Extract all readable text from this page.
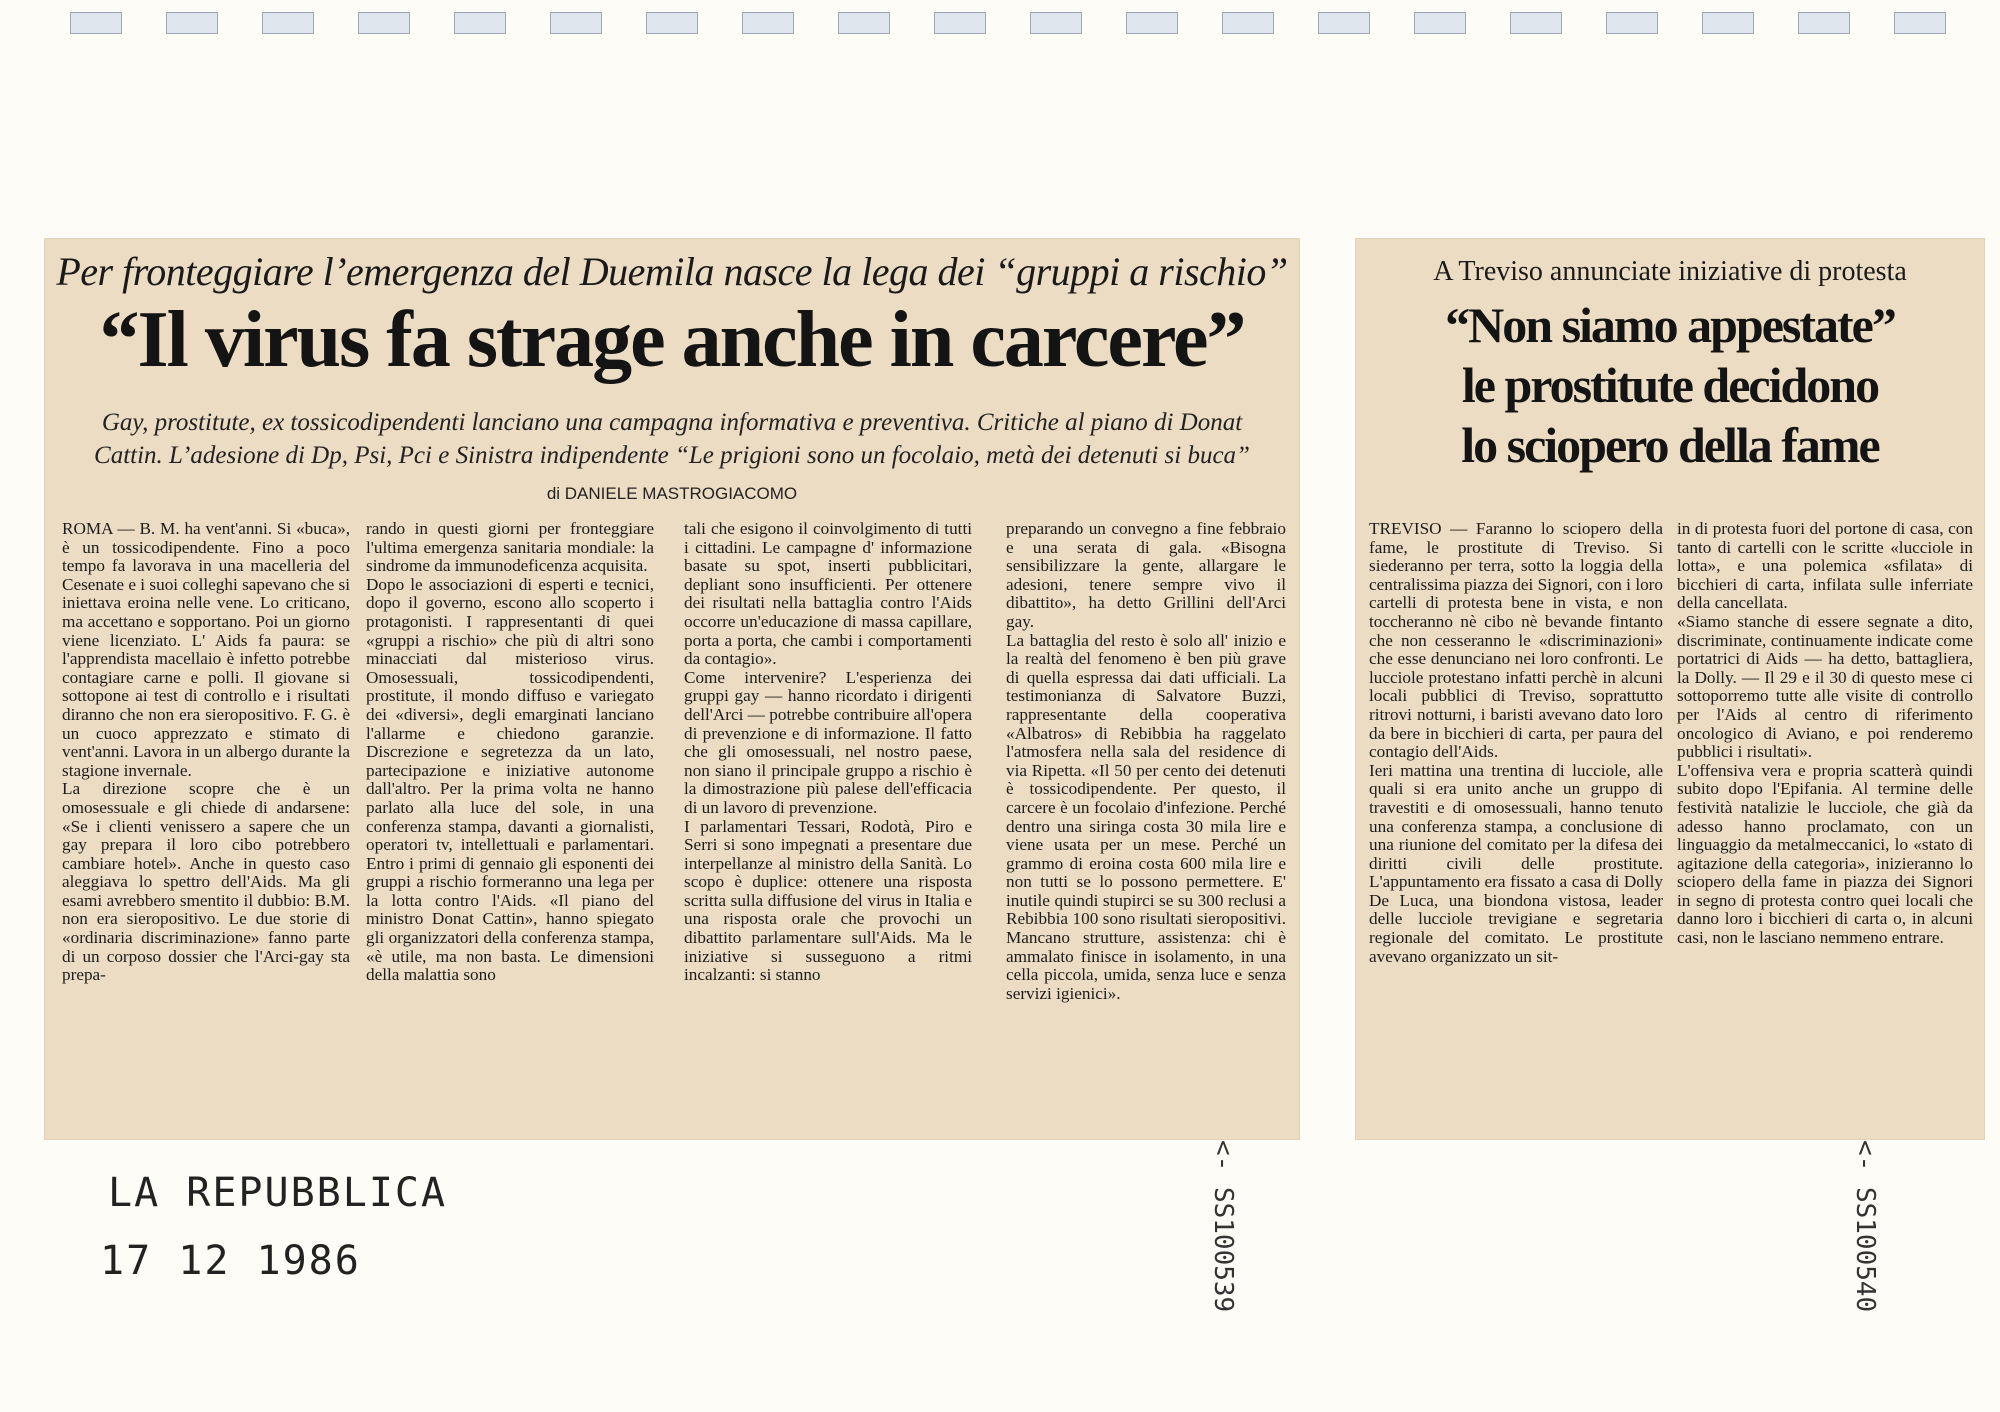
Per fronteggiare l’emergenza del Duemila nasce la lega dei “gruppi a rischio”
“Il virus fa strage anche in carcere”
Gay, prostitute, ex tossicodipendenti lanciano una campagna informativa e preventiva. Critiche al piano di Donat Cattin. L’adesione di Dp, Psi, Pci e Sinistra indipendente “Le prigioni sono un focolaio, metà dei detenuti si buca”
di DANIELE MASTROGIACOMO
ROMA — B. M. ha vent'anni. Si «buca», è un tossicodipendente. Fino a poco tempo fa lavorava in una macelleria del Cesenate e i suoi colleghi sapevano che si iniettava eroina nelle vene. Lo criticano, ma accettano e sopportano. Poi un giorno viene licenziato. L' Aids fa paura: se l'apprendista macellaio è infetto potrebbe contagiare carne e polli. Il giovane si sottopone ai test di controllo e i risultati diranno che non era sieropositivo. F. G. è un cuoco apprezzato e stimato di vent'anni. Lavora in un albergo durante la stagione invernale.
La direzione scopre che è un omosessuale e gli chiede di andarsene: «Se i clienti venissero a sapere che un gay prepara il loro cibo potrebbero cambiare hotel». Anche in questo caso aleggiava lo spettro dell'Aids. Ma gli esami avrebbero smentito il dubbio: B.M. non era sieropositivo. Le due storie di «ordinaria discriminazione» fanno parte di un corposo dossier che l'Arci-gay sta prepa-
rando in questi giorni per fronteggiare l'ultima emergenza sanitaria mondiale: la sindrome da immunodeficenza acquisita.
Dopo le associazioni di esperti e tecnici, dopo il governo, escono allo scoperto i protagonisti. I rappresentanti di quei «gruppi a rischio» che più di altri sono minacciati dal misterioso virus. Omosessuali, tossicodipendenti, prostitute, il mondo diffuso e variegato dei «diversi», degli emarginati lanciano l'allarme e chiedono garanzie. Discrezione e segretezza da un lato, partecipazione e iniziative autonome dall'altro. Per la prima volta ne hanno parlato alla luce del sole, in una conferenza stampa, davanti a giornalisti, operatori tv, intellettuali e parlamentari. Entro i primi di gennaio gli esponenti dei gruppi a rischio formeranno una lega per la lotta contro l'Aids. «Il piano del ministro Donat Cattin», hanno spiegato gli organizzatori della conferenza stampa, «è utile, ma non basta. Le dimensioni della malattia sono
tali che esigono il coinvolgimento di tutti i cittadini. Le campagne d' informazione basate su spot, inserti pubblicitari, depliant sono insufficienti. Per ottenere dei risultati nella battaglia contro l'Aids occorre un'educazione di massa capillare, porta a porta, che cambi i comportamenti da contagio».
Come intervenire? L'esperienza dei gruppi gay — hanno ricordato i dirigenti dell'Arci — potrebbe contribuire all'opera di prevenzione e di informazione. Il fatto che gli omosessuali, nel nostro paese, non siano il principale gruppo a rischio è la dimostrazione più palese dell'efficacia di un lavoro di prevenzione.
I parlamentari Tessari, Rodotà, Piro e Serri si sono impegnati a presentare due interpellanze al ministro della Sanità. Lo scopo è duplice: ottenere una risposta scritta sulla diffusione del virus in Italia e una risposta orale che provochi un dibattito parlamentare sull'Aids. Ma le iniziative si susseguono a ritmi incalzanti: si stanno
preparando un convegno a fine febbraio e una serata di gala. «Bisogna sensibilizzare la gente, allargare le adesioni, tenere sempre vivo il dibattito», ha detto Grillini dell'Arci gay.
La battaglia del resto è solo all' inizio e la realtà del fenomeno è ben più grave di quella espressa dai dati ufficiali. La testimonianza di Salvatore Buzzi, rappresentante della cooperativa «Albatros» di Rebibbia ha raggelato l'atmosfera nella sala del residence di via Ripetta. «Il 50 per cento dei detenuti è tossicodipendente. Per questo, il carcere è un focolaio d'infezione. Perché dentro una siringa costa 30 mila lire e viene usata per un mese. Perché un grammo di eroina costa 600 mila lire e non tutti se lo possono permettere. E' inutile quindi stupirci se su 300 reclusi a Rebibbia 100 sono risultati sieropositivi. Mancano strutture, assistenza: chi è ammalato finisce in isolamento, in una cella piccola, umida, senza luce e senza servizi igienici».
A Treviso annunciate iniziative di protesta
“Non siamo appestate”
le prostitute decidono
lo sciopero della fame
TREVISO — Faranno lo sciopero della fame, le prostitute di Treviso. Si siederanno per terra, sotto la loggia della centralissima piazza dei Signori, con i loro cartelli di protesta bene in vista, e non toccheranno nè cibo nè bevande fintanto che non cesseranno le «discriminazioni» che esse denunciano nei loro confronti. Le lucciole protestano infatti perchè in alcuni locali pubblici di Treviso, soprattutto ritrovi notturni, i baristi avevano dato loro da bere in bicchieri di carta, per paura del contagio dell'Aids.
Ieri mattina una trentina di lucciole, alle quali si era unito anche un gruppo di travestiti e di omosessuali, hanno tenuto una conferenza stampa, a conclusione di una riunione del comitato per la difesa dei diritti civili delle prostitute. L'appuntamento era fissato a casa di Dolly De Luca, una biondona vistosa, leader delle lucciole trevigiane e segretaria regionale del comitato. Le prostitute avevano organizzato un sit-
in di protesta fuori del portone di casa, con tanto di cartelli con le scritte «lucciole in lotta», e una polemica «sfilata» di bicchieri di carta, infilata sulle inferriate della cancellata.
«Siamo stanche di essere segnate a dito, discriminate, continuamente indicate come portatrici di Aids — ha detto, battagliera, la Dolly. — Il 29 e il 30 di questo mese ci sottoporremo tutte alle visite di controllo per l'Aids al centro di riferimento oncologico di Aviano, e poi renderemo pubblici i risultati».
L'offensiva vera e propria scatterà quindi subito dopo l'Epifania. Al termine delle festività natalizie le lucciole, che già da adesso hanno proclamato, con un linguaggio da metalmeccanici, lo «stato di agitazione della categoria», inizieranno lo sciopero della fame in piazza dei Signori in segno di protesta contro quei locali che danno loro i bicchieri di carta o, in alcuni casi, non le lasciano nemmeno entrare.
LA REPUBBLICA
17 12 1986	<- SS100539	<- SS100540
